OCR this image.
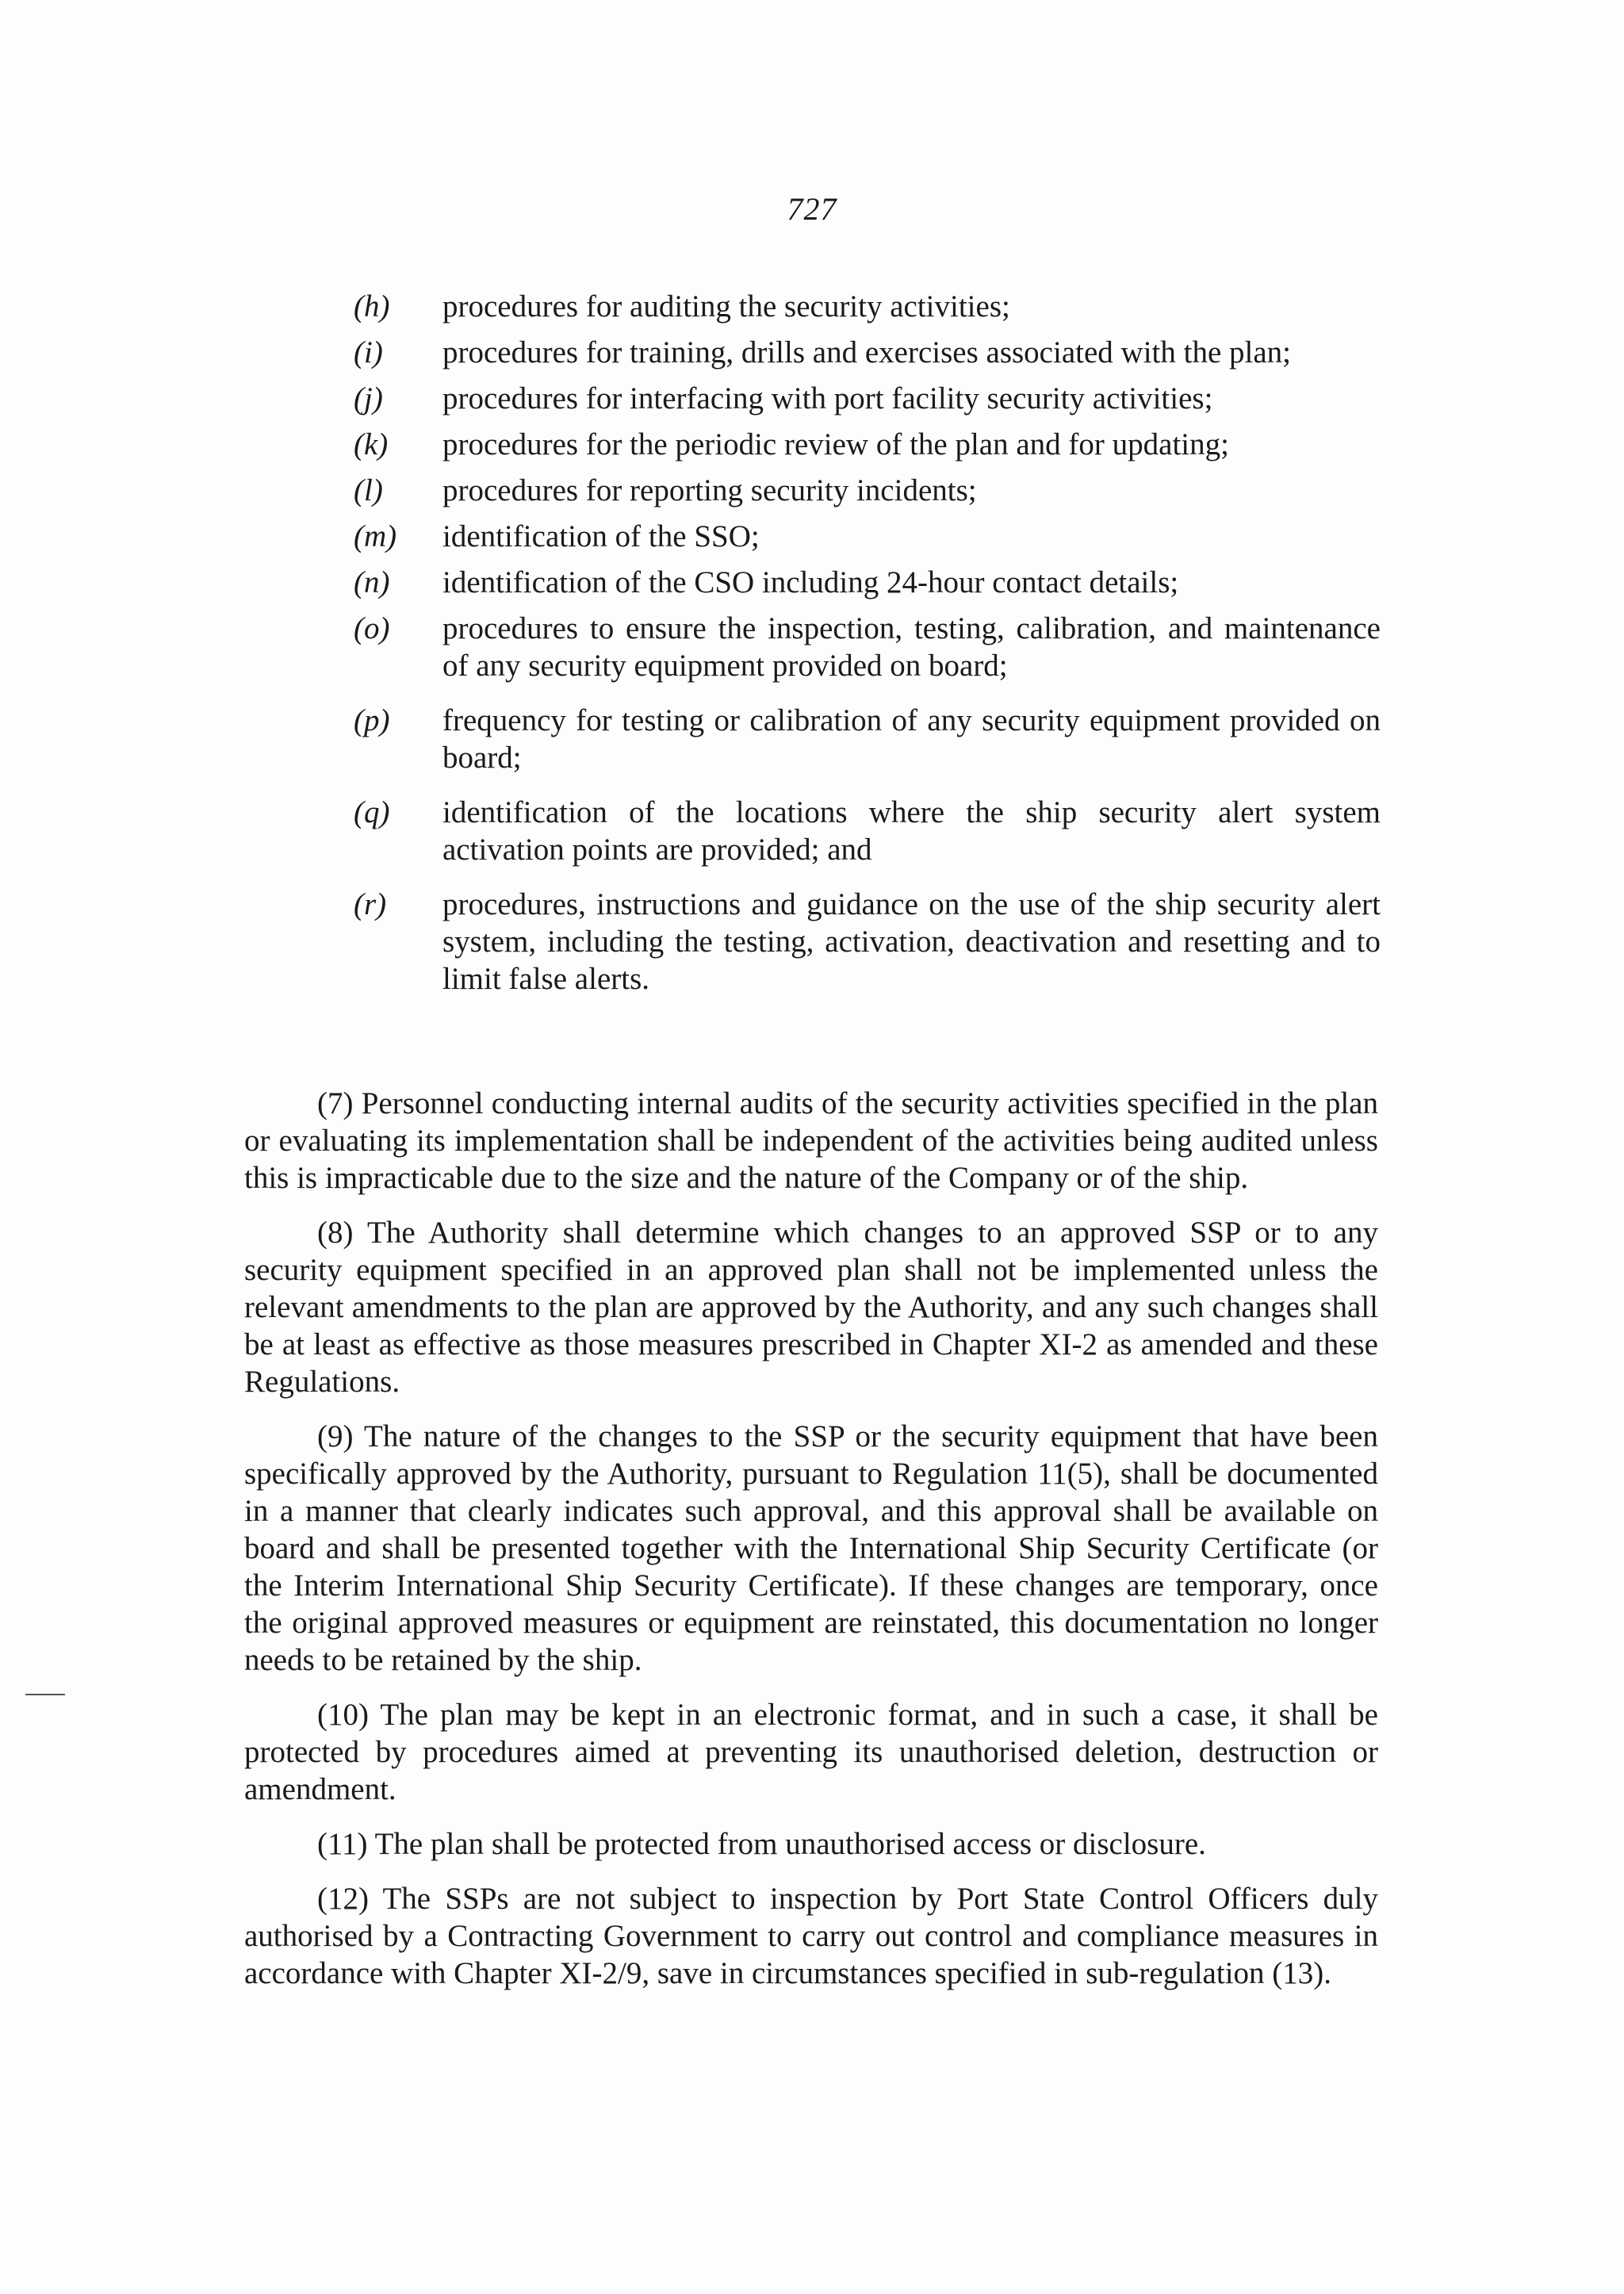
727
(h) procedures for auditing the security activities;
(i) procedures for training, drills and exercises associated with the plan;
(j) procedures for interfacing with port facility security activities;
(k) procedures for the periodic review of the plan and for updating;
(l) procedures for reporting security incidents;
(m) identification of the SSO;
(n) identification of the CSO including 24-hour contact details;
(o) procedures to ensure the inspection, testing, calibration, and maintenance of any security equipment provided on board;
(p) frequency for testing or calibration of any security equipment provided on board;
(q) identification of the locations where the ship security alert system activation points are provided; and
(r) procedures, instructions and guidance on the use of the ship security alert system, including the testing, activation, deactivation and resetting and to limit false alerts.

(7) Personnel conducting internal audits of the security activities specified in the plan or evaluating its implementation shall be independent of the activities being audited unless this is impracticable due to the size and the nature of the Company or of the ship.

(8) The Authority shall determine which changes to an approved SSP or to any security equipment specified in an approved plan shall not be implemented unless the relevant amendments to the plan are approved by the Authority, and any such changes shall be at least as effective as those measures prescribed in Chapter XI-2 as amended and these Regulations.

(9) The nature of the changes to the SSP or the security equipment that have been specifically approved by the Authority, pursuant to Regulation 11(5), shall be documented in a manner that clearly indicates such approval, and this approval shall be available on board and shall be presented together with the International Ship Security Certificate (or the Interim International Ship Security Certificate). If these changes are temporary, once the original approved measures or equipment are reinstated, this documentation no longer needs to be retained by the ship.

(10) The plan may be kept in an electronic format, and in such a case, it shall be protected by procedures aimed at preventing its unauthorised deletion, destruction or amendment.

(11) The plan shall be protected from unauthorised access or disclosure.

(12) The SSPs are not subject to inspection by Port State Control Officers duly authorised by a Contracting Government to carry out control and compliance measures in accordance with Chapter XI-2/9, save in circumstances specified in sub-regulation (13).
